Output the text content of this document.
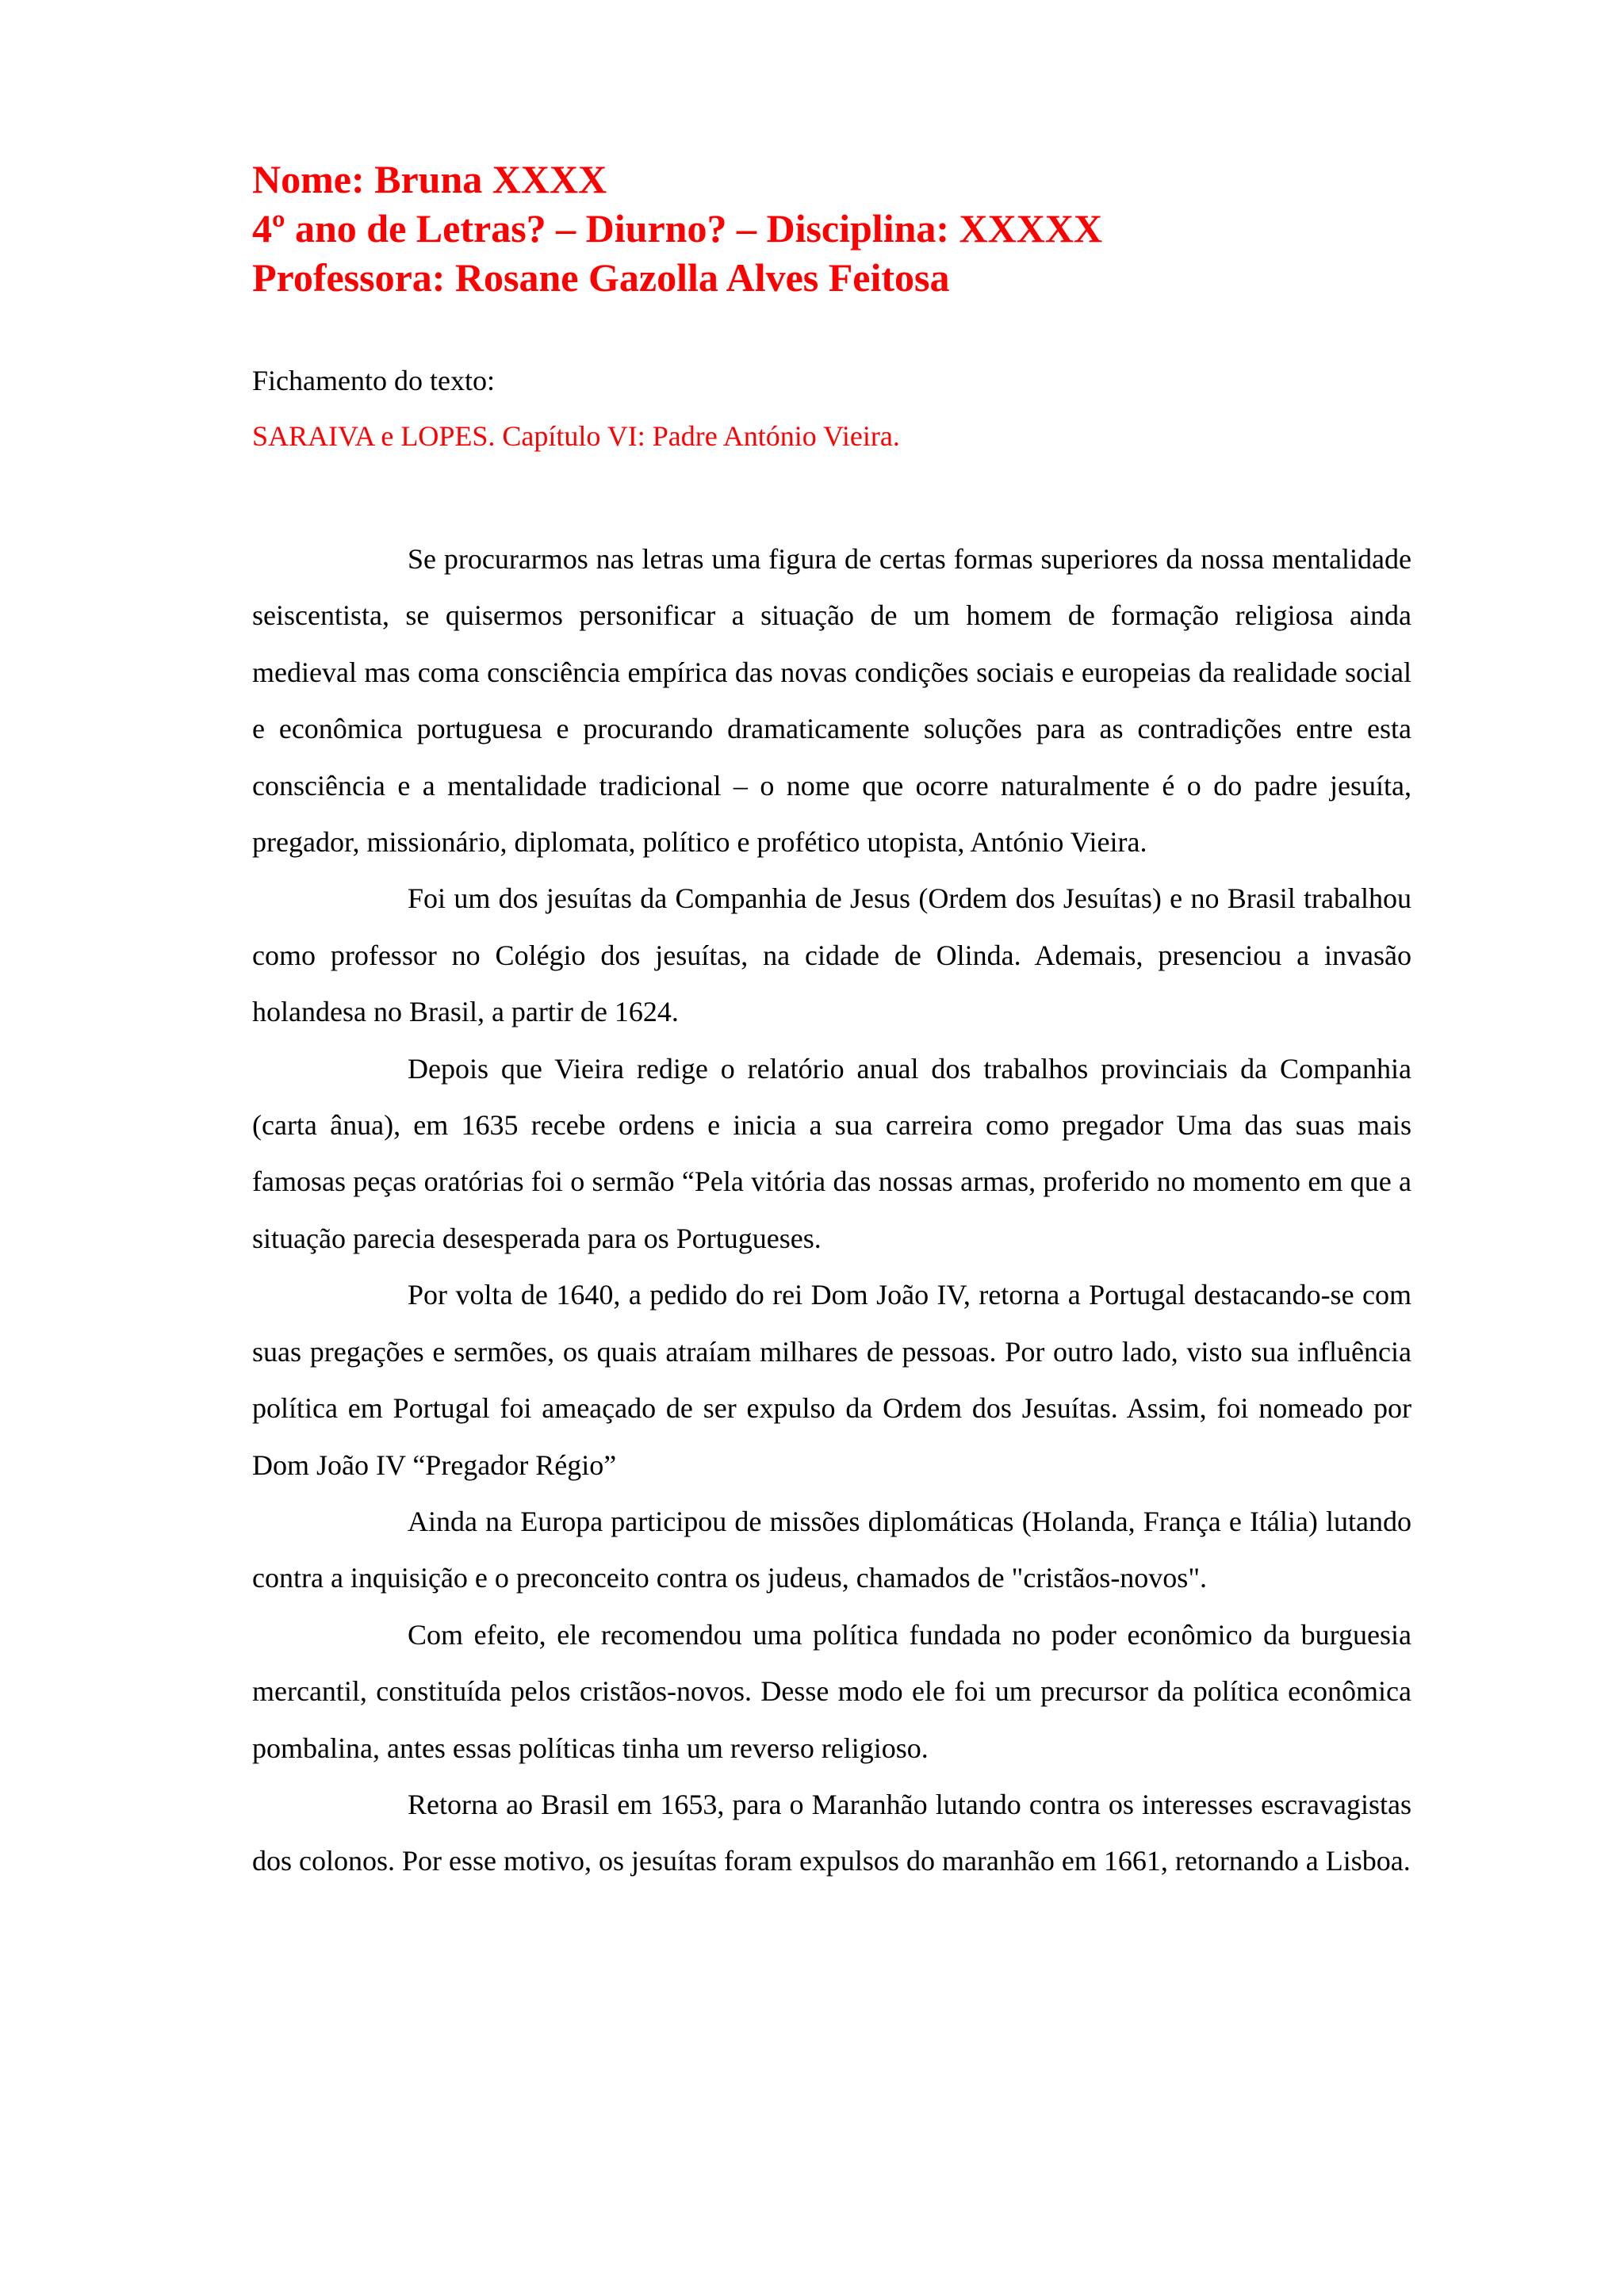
Nome: Bruna XXXX
4º ano de Letras? – Diurno? – Disciplina: XXXXX
Professora: Rosane Gazolla Alves Feitosa
Fichamento do texto:
SARAIVA e LOPES. Capítulo VI: Padre António Vieira.

Se procurarmos nas letras uma figura de certas formas superiores da nossa mentalidade seiscentista, se quisermos personificar a situação de um homem de formação religiosa ainda medieval mas coma consciência empírica das novas condições sociais e europeias da realidade social e econômica portuguesa e procurando dramaticamente soluções para as contradições entre esta consciência e a mentalidade tradicional – o nome que ocorre naturalmente é o do padre jesuíta, pregador, missionário, diplomata, político e profético utopista, António Vieira.

Foi um dos jesuítas da Companhia de Jesus (Ordem dos Jesuítas) e no Brasil trabalhou como professor no Colégio dos jesuítas, na cidade de Olinda. Ademais, presenciou a invasão holandesa no Brasil, a partir de 1624.

Depois que Vieira redige o relatório anual dos trabalhos provinciais da Companhia (carta ânua), em 1635 recebe ordens e inicia a sua carreira como pregador Uma das suas mais famosas peças oratórias foi o sermão “Pela vitória das nossas armas, proferido no momento em que a situação parecia desesperada para os Portugueses.

Por volta de 1640, a pedido do rei Dom João IV, retorna a Portugal destacando-se com suas pregações e sermões, os quais atraíam milhares de pessoas. Por outro lado, visto sua influência política em Portugal foi ameaçado de ser expulso da Ordem dos Jesuítas. Assim, foi nomeado por Dom João IV “Pregador Régio”

Ainda na Europa participou de missões diplomáticas (Holanda, França e Itália) lutando contra a inquisição e o preconceito contra os judeus, chamados de "cristãos-novos".

Com efeito, ele recomendou uma política fundada no poder econômico da burguesia mercantil, constituída pelos cristãos-novos. Desse modo ele foi um precursor da política econômica pombalina, antes essas políticas tinha um reverso religioso.

Retorna ao Brasil em 1653, para o Maranhão lutando contra os interesses escravagistas dos colonos. Por esse motivo, os jesuítas foram expulsos do maranhão em 1661, retornando a Lisboa.
